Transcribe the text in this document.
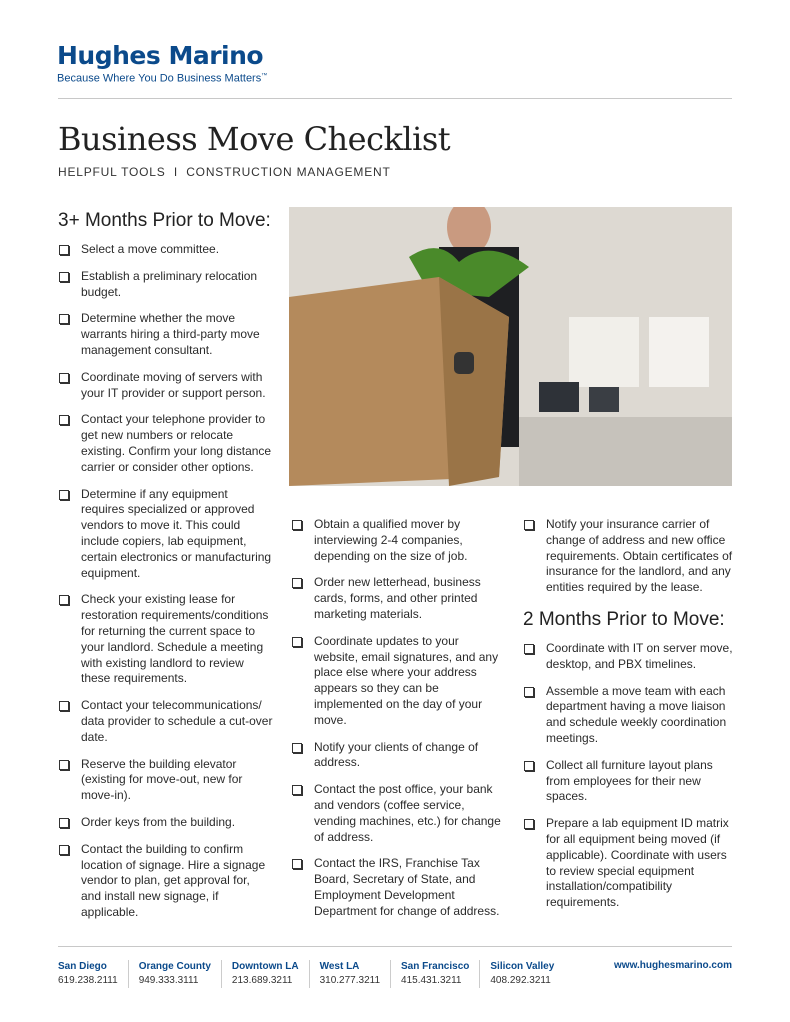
Hughes Marino
Because Where You Do Business Matters™
Business Move Checklist
HELPFUL TOOLS  I  CONSTRUCTION MANAGEMENT
3+ Months Prior to Move:
Select a move committee.
Establish a preliminary relocation budget.
Determine whether the move warrants hiring a third-party move management consultant.
Coordinate moving of servers with your IT provider or support person.
Contact your telephone provider to get new numbers or relocate existing. Confirm your long distance carrier or consider other options.
Determine if any equipment requires specialized or approved vendors to move it. This could include copiers, lab equipment, certain electronics or manufacturing equipment.
Check your existing lease for restoration requirements/conditions for returning the current space to your landlord. Schedule a meeting with existing landlord to review these requirements.
Contact your telecommunications/ data provider to schedule a cut-over date.
Reserve the building elevator (existing for move-out, new for move-in).
Order keys from the building.
Contact the building to confirm location of signage. Hire a signage vendor to plan, get approval for, and install new signage, if applicable.
Obtain a qualified mover by interviewing 2-4 companies, depending on the size of job.
Order new letterhead, business cards, forms, and other printed marketing materials.
Coordinate updates to your website, email signatures, and any place else where your address appears so they can be implemented on the day of your move.
Notify your clients of change of address.
Contact the post office, your bank and vendors (coffee service, vending machines, etc.) for change of address.
Contact the IRS, Franchise Tax Board, Secretary of State, and Employment Development Department for change of address.
Notify your insurance carrier of change of address and new office requirements. Obtain certificates of insurance for the landlord, and any entities required by the lease.
2 Months Prior to Move:
Coordinate with IT on server move, desktop, and PBX timelines.
Assemble a move team with each department having a move liaison and schedule weekly coordination meetings.
Collect all furniture layout plans from employees for their new spaces.
Prepare a lab equipment ID matrix for all equipment being moved (if applicable). Coordinate with users to review special equipment installation/compatibility requirements.
San Diego
619.238.2111
Orange County
949.333.3111
Downtown LA
213.689.3211
West LA
310.277.3211
San Francisco
415.431.3211
Silicon Valley
408.292.3211
www.hughesmarino.com
